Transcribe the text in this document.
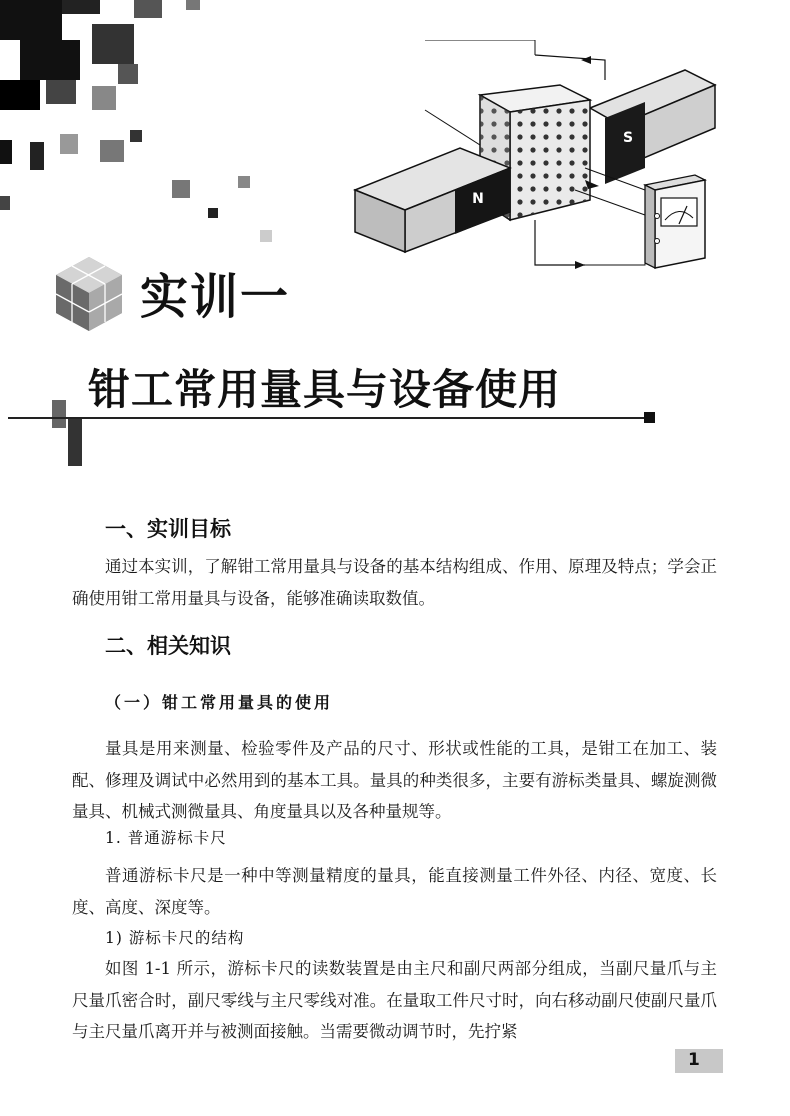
N
S
实训一
钳工常用量具与设备使用
一、实训目标
通过本实训，了解钳工常用量具与设备的基本结构组成、作用、原理及特点；学会正确使用钳工常用量具与设备，能够准确读取数值。
二、相关知识
（一）钳工常用量具的使用
量具是用来测量、检验零件及产品的尺寸、形状或性能的工具，是钳工在加工、装配、修理及调试中必然用到的基本工具。量具的种类很多，主要有游标类量具、螺旋测微量具、机械式测微量具、角度量具以及各种量规等。
1. 普通游标卡尺
普通游标卡尺是一种中等测量精度的量具，能直接测量工件外径、内径、宽度、长度、高度、深度等。
1) 游标卡尺的结构
如图 1-1 所示，游标卡尺的读数装置是由主尺和副尺两部分组成，当副尺量爪与主尺量爪密合时，副尺零线与主尺零线对准。在量取工件尺寸时，向右移动副尺使副尺量爪与主尺量爪离开并与被测面接触。当需要微动调节时，先拧紧
1
